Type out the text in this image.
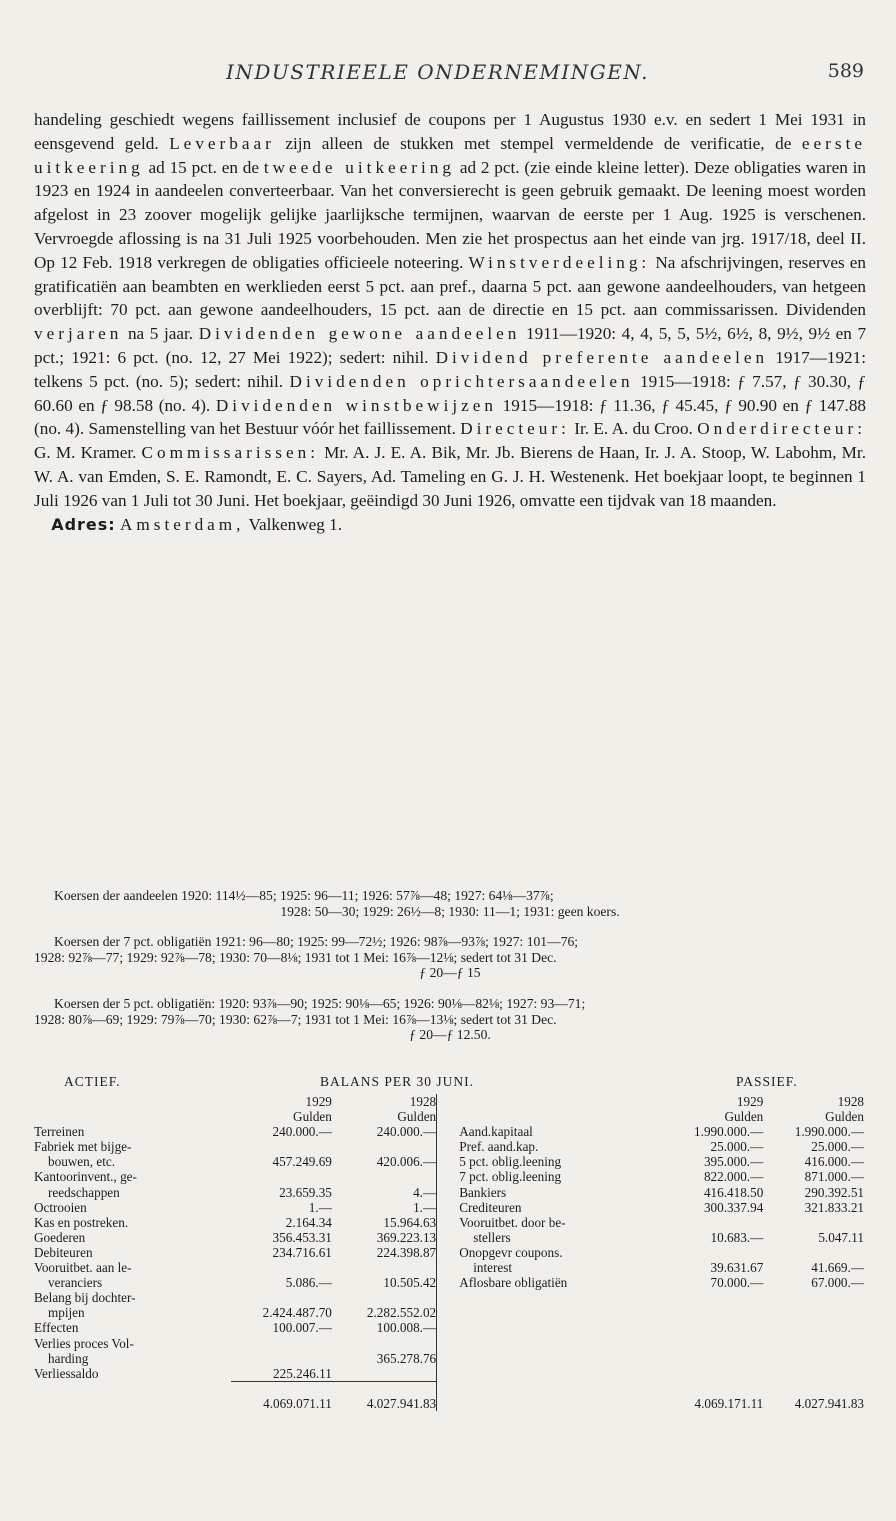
INDUSTRIEELE ONDERNEMINGEN.	589
handeling geschiedt wegens faillissement inclusief de coupons per 1 Augustus 1930 e.v. en sedert 1 Mei 1931 in eensgevend geld. Leverbaar zijn alleen de stukken met stempel vermeldende de verificatie, de eerste uitkeering ad 15 pct. en de tweede uitkeering ad 2 pct. (zie einde kleine letter). Deze obligaties waren in 1923 en 1924 in aandeelen converteerbaar. Van het conversierecht is geen gebruik gemaakt. De leening moest worden afgelost in 23 zoover mogelijk gelijke jaarlijksche termijnen, waarvan de eerste per 1 Aug. 1925 is verschenen. Vervroegde aflossing is na 31 Juli 1925 voorbehouden. Men zie het prospectus aan het einde van jrg. 1917/18, deel II. Op 12 Feb. 1918 verkregen de obligaties officieele noteering. Winstverdeeling: Na afschrijvingen, reserves en gratificatiën aan beambten en werklieden eerst 5 pct. aan pref., daarna 5 pct. aan gewone aandeelhouders, van hetgeen overblijft: 70 pct. aan gewone aandeelhouders, 15 pct. aan de directie en 15 pct. aan commissarissen. Dividenden verjaren na 5 jaar. Dividenden gewone aandeelen 1911—1920: 4, 4, 5, 5, 5½, 6½, 8, 9½, 9½ en 7 pct.; 1921: 6 pct. (no. 12, 27 Mei 1922); sedert: nihil. Dividend preferente aandeelen 1917—1921: telkens 5 pct. (no. 5); sedert: nihil. Dividenden oprichtersaandeelen 1915—1918: ƒ 7.57, ƒ 30.30, ƒ 60.60 en ƒ 98.58 (no. 4). Dividenden winstbewijzen 1915—1918: ƒ 11.36, ƒ 45.45, ƒ 90.90 en ƒ 147.88 (no. 4). Samenstelling van het Bestuur vóór het faillissement. Directeur: Ir. E. A. du Croo. Onderdirecteur: G. M. Kramer. Commissarissen: Mr. A. J. E. A. Bik, Mr. Jb. Bierens de Haan, Ir. J. A. Stoop, W. Labohm, Mr. W. A. van Emden, S. E. Ramondt, E. C. Sayers, Ad. Tameling en G. J. H. Westenenk. Het boekjaar loopt, te beginnen 1 Juli 1926 van 1 Juli tot 30 Juni. Het boekjaar, geëindigd 30 Juni 1926, omvatte een tijdvak van 18 maanden.
Adres: Amsterdam, Valkenweg 1.
Koersen der aandeelen 1920: 114½—85; 1925: 96—11; 1926: 57⅞—48; 1927: 64⅛—37⅞;
1928: 50—30; 1929: 26½—8; 1930: 11—1; 1931: geen koers.
Koersen der 7 pct. obligatiën 1921: 96—80; 1925: 99—72½; 1926: 98⅞—93⅞; 1927: 101—76;
1928: 92⅞—77; 1929: 92⅞—78; 1930: 70—8⅛; 1931 tot 1 Mei: 16⅞—12⅛; sedert tot 31 Dec.
ƒ 20—ƒ 15
Koersen der 5 pct. obligatiën: 1920: 93⅞—90; 1925: 90⅛—65; 1926: 90⅛—82⅛; 1927: 93—71;
1928: 80⅞—69; 1929: 79⅞—70; 1930: 62⅞—7; 1931 tot 1 Mei: 16⅞—13⅛; sedert tot 31 Dec.
ƒ 20—ƒ 12.50.
ACTIEF.	BALANS PER 30 JUNI.	PASSIEF.
	1929	1928			1929	1928
	Gulden	Gulden			Gulden	Gulden
Terreinen	240.000.—	240.000.—		Aand.kapitaal	1.990.000.—	1.990.000.—
Fabriek met bijge-				Pref. aand.kap.	25.000.—	25.000.—
bouwen, etc.	457.249.69	420.006.—		5 pct. oblig.leening	395.000.—	416.000.—
Kantoorinvent., ge-				7 pct. oblig.leening	822.000.—	871.000.—
reedschappen	23.659.35	4.—		Bankiers	416.418.50	290.392.51
Octrooien	1.—	1.—		Crediteuren	300.337.94	321.833.21
Kas en postreken.	2.164.34	15.964.63		Vooruitbet. door be-		
Goederen	356.453.31	369.223.13		stellers	10.683.—	5.047.11
Debiteuren	234.716.61	224.398.87		Onopgevr coupons.		
Vooruitbet. aan le-				interest	39.631.67	41.669.—
veranciers	5.086.—	10.505.42		Aflosbare obligatiën	70.000.—	67.000.—
Belang bij dochter-						
mpijen	2.424.487.70	2.282.552.02				
Effecten	100.007.—	100.008.—				
Verlies proces Vol-						
harding		365.278.76				
Verliessaldo	225.246.11					

	4.069.071.11	4.027.941.83			4.069.171.11	4.027.941.83
